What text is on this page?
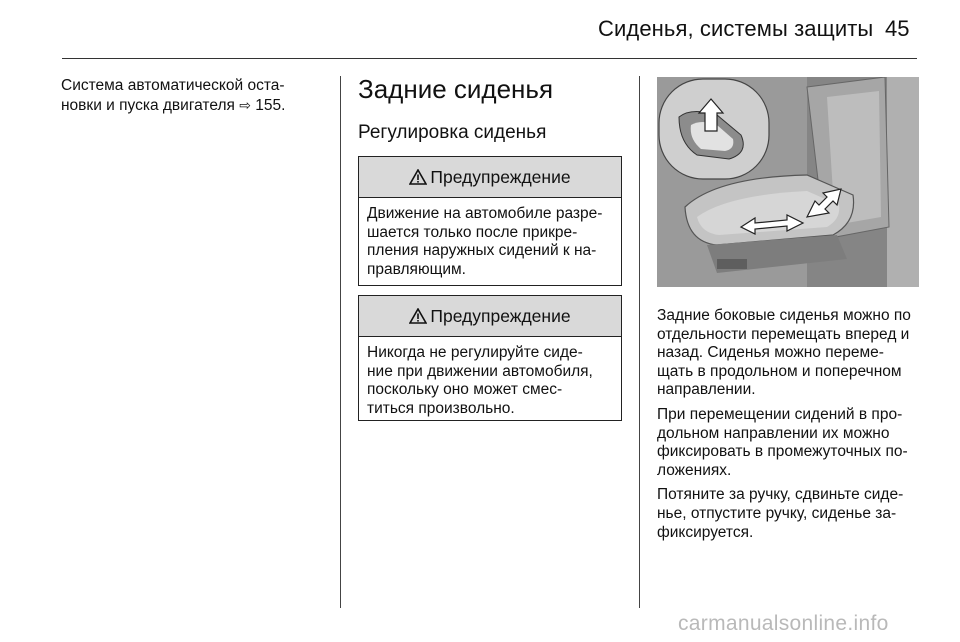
Сиденья, системы защиты 45
Система автоматической оста-
новки и пуска двигателя ⇨ 155.
Задние сиденья
Регулировка сиденья
Предупреждение
Движение на автомобиле разре-
шается только после прикре-
пления наружных сидений к на-
правляющим.
Предупреждение
Никогда не регулируйте сиде-
ние при движении автомобиля,
поскольку оно может смес-
титься произвольно.

Задние боковые сиденья можно по
отдельности перемещать вперед и
назад. Сиденья можно переме-
щать в продольном и поперечном
направлении.

При перемещении сидений в про-
дольном направлении их можно
фиксировать в промежуточных по-
ложениях.

Потяните за ручку, сдвиньте сиде-
нье, отпустите ручку, сиденье за-
фиксируется.

carmanualsonline.info
